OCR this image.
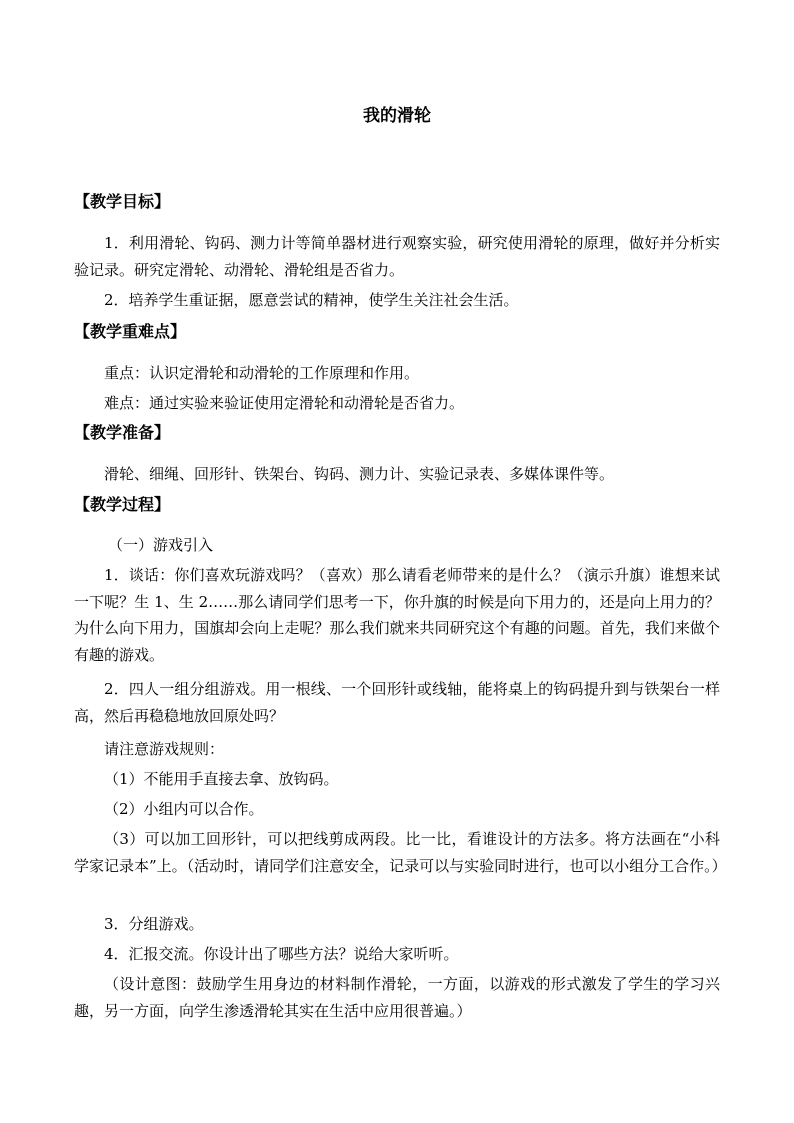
我的滑轮
【教学目标】
1．利用滑轮、钩码、测力计等简单器材进行观察实验，研究使用滑轮的原理，做好并分析实验记录。研究定滑轮、动滑轮、滑轮组是否省力。
2．培养学生重证据，愿意尝试的精神，使学生关注社会生活。
【教学重难点】
重点：认识定滑轮和动滑轮的工作原理和作用。
难点：通过实验来验证使用定滑轮和动滑轮是否省力。
【教学准备】
滑轮、细绳、回形针、铁架台、钩码、测力计、实验记录表、多媒体课件等。
【教学过程】
（一）游戏引入
1．谈话：你们喜欢玩游戏吗？（喜欢）那么请看老师带来的是什么？（演示升旗）谁想来试一下呢？生 1、生 2……那么请同学们思考一下，你升旗的时候是向下用力的，还是向上用力的？为什么向下用力，国旗却会向上走呢？那么我们就来共同研究这个有趣的问题。首先，我们来做个有趣的游戏。
2．四人一组分组游戏。用一根线、一个回形针或线轴，能将桌上的钩码提升到与铁架台一样高，然后再稳稳地放回原处吗？
请注意游戏规则：
（1）不能用手直接去拿、放钩码。
（2）小组内可以合作。
（3）可以加工回形针，可以把线剪成两段。比一比，看谁设计的方法多。将方法画在“小科学家记录本”上。（活动时，请同学们注意安全，记录可以与实验同时进行，也可以小组分工合作。）
3．分组游戏。
4．汇报交流。你设计出了哪些方法？说给大家听听。
（设计意图：鼓励学生用身边的材料制作滑轮，一方面，以游戏的形式激发了学生的学习兴趣，另一方面，向学生渗透滑轮其实在生活中应用很普遍。）
